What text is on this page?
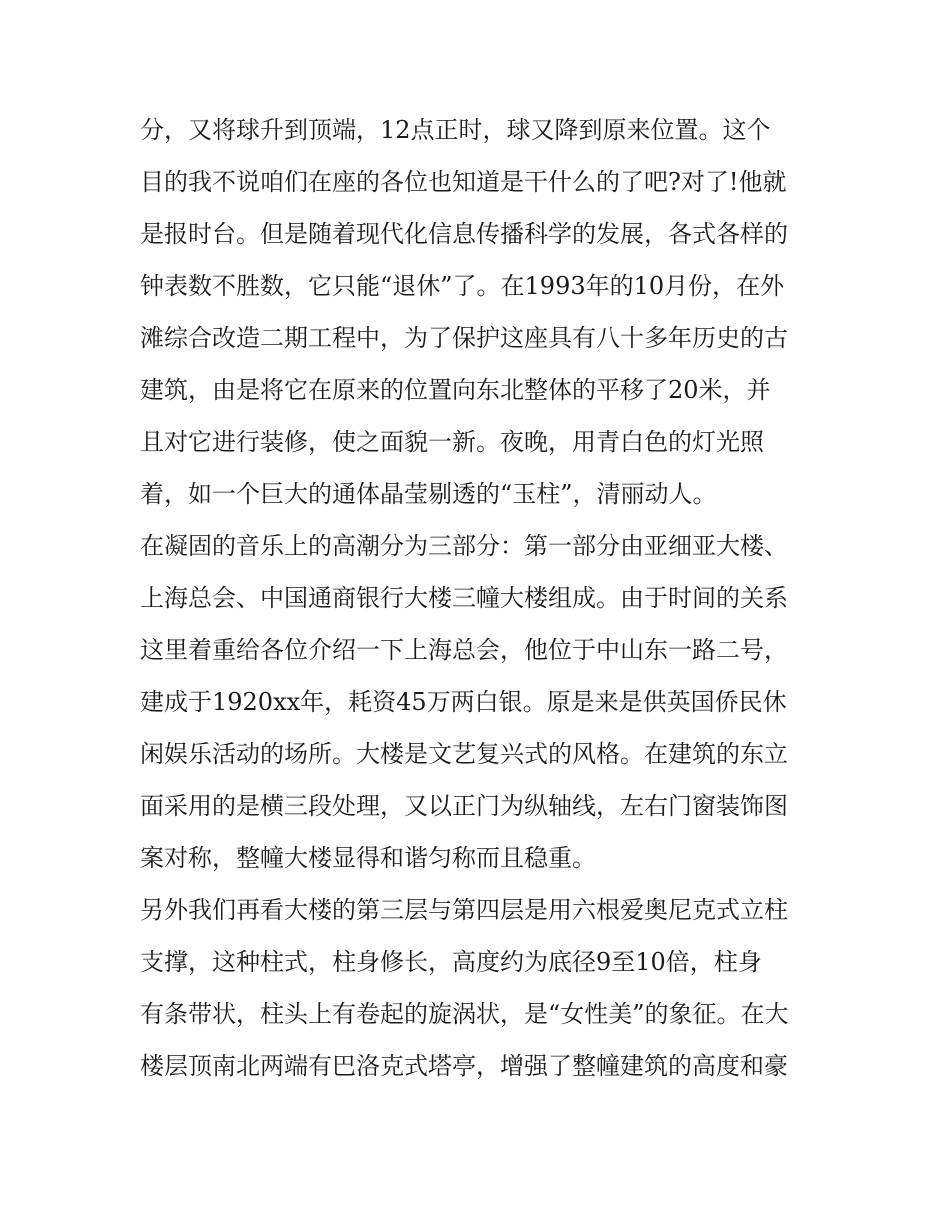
分，又将球升到顶端，12点正时，球又降到原来位置。这个
目的我不说咱们在座的各位也知道是干什么的了吧?对了!他就
是报时台。但是随着现代化信息传播科学的发展，各式各样的
钟表数不胜数，它只能“退休”了。在1993年的10月份，在外
滩综合改造二期工程中，为了保护这座具有八十多年历史的古
建筑，由是将它在原来的位置向东北整体的平移了20米，并
且对它进行装修，使之面貌一新。夜晚，用青白色的灯光照
着，如一个巨大的通体晶莹剔透的“玉柱”，清丽动人。
在凝固的音乐上的高潮分为三部分：第一部分由亚细亚大楼、
上海总会、中国通商银行大楼三幢大楼组成。由于时间的关系
这里着重给各位介绍一下上海总会，他位于中山东一路二号，
建成于1920xx年，耗资45万两白银。原是来是供英国侨民休
闲娱乐活动的场所。大楼是文艺复兴式的风格。在建筑的东立
面采用的是横三段处理，又以正门为纵轴线，左右门窗装饰图
案对称，整幢大楼显得和谐匀称而且稳重。
另外我们再看大楼的第三层与第四层是用六根爱奥尼克式立柱
支撑，这种柱式，柱身修长，高度约为底径9至10倍，柱身
有条带状，柱头上有卷起的旋涡状，是“女性美”的象征。在大
楼层顶南北两端有巴洛克式塔亭，增强了整幢建筑的高度和豪
